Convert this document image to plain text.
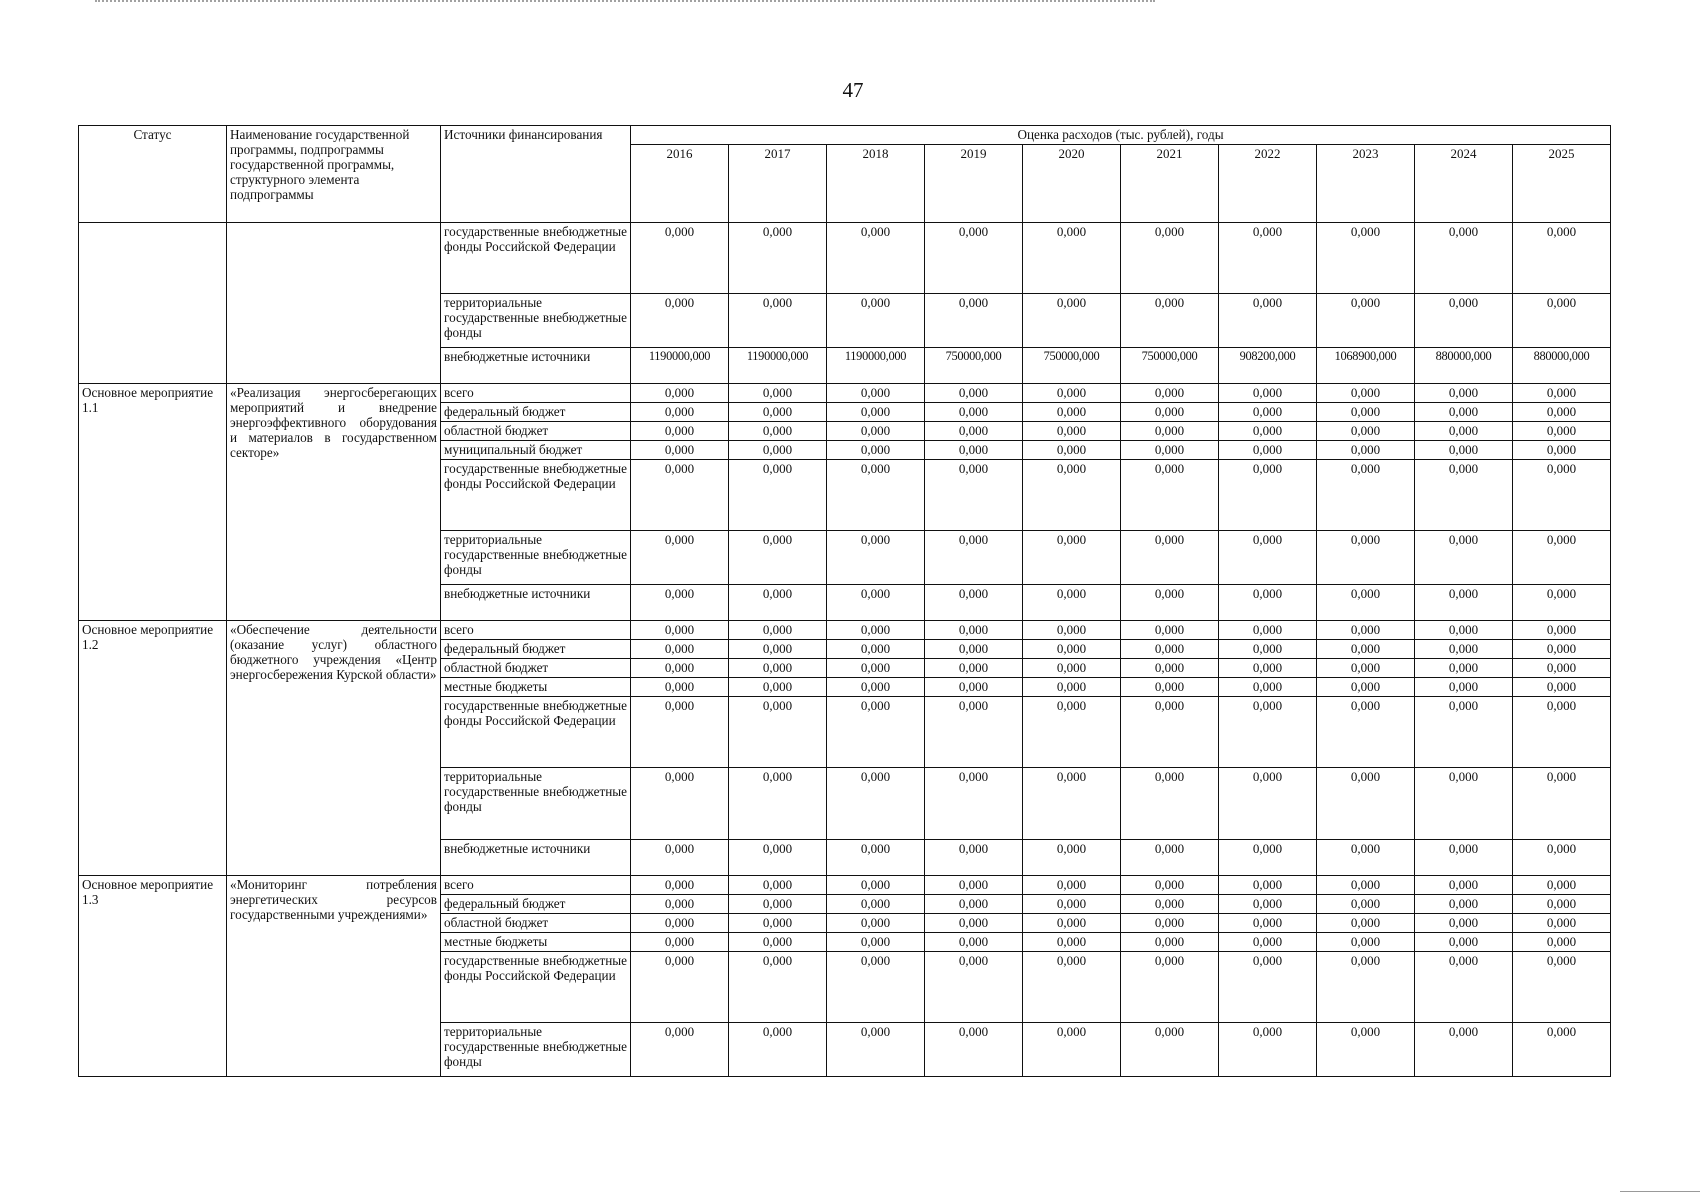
47
Статус	Наименование государственной программы, подпрограммы государственной программы, структурного элемента подпрограммы	Источники финансирования	Оценка расходов (тыс. рублей), годы									
			2016	2017	2018	2019	2020	2021	2022	2023	2024	2025
		государственные внебюджетные фонды Российской Федерации	0,000	0,000	0,000	0,000	0,000	0,000	0,000	0,000	0,000	0,000
		территориальные государственные внебюджетные фонды	0,000	0,000	0,000	0,000	0,000	0,000	0,000	0,000	0,000	0,000
		внебюджетные источники	1190000,000	1190000,000	1190000,000	750000,000	750000,000	750000,000	908200,000	1068900,000	880000,000	880000,000
Основное мероприятие 1.1	«Реализация энергосберегающих мероприятий и внедрение энергоэффективного оборудования и материалов в государственном секторе»	всего	0,000	0,000	0,000	0,000	0,000	0,000	0,000	0,000	0,000	0,000
		федеральный бюджет	0,000	0,000	0,000	0,000	0,000	0,000	0,000	0,000	0,000	0,000
		областной бюджет	0,000	0,000	0,000	0,000	0,000	0,000	0,000	0,000	0,000	0,000
		муниципальный бюджет	0,000	0,000	0,000	0,000	0,000	0,000	0,000	0,000	0,000	0,000
		государственные внебюджетные фонды Российской Федерации	0,000	0,000	0,000	0,000	0,000	0,000	0,000	0,000	0,000	0,000
		территориальные государственные внебюджетные фонды	0,000	0,000	0,000	0,000	0,000	0,000	0,000	0,000	0,000	0,000
		внебюджетные источники	0,000	0,000	0,000	0,000	0,000	0,000	0,000	0,000	0,000	0,000
Основное мероприятие 1.2	«Обеспечение деятельности (оказание услуг) областного бюджетного учреждения «Центр энергосбережения Курской области»	всего	0,000	0,000	0,000	0,000	0,000	0,000	0,000	0,000	0,000	0,000
		федеральный бюджет	0,000	0,000	0,000	0,000	0,000	0,000	0,000	0,000	0,000	0,000
		областной бюджет	0,000	0,000	0,000	0,000	0,000	0,000	0,000	0,000	0,000	0,000
		местные бюджеты	0,000	0,000	0,000	0,000	0,000	0,000	0,000	0,000	0,000	0,000
		государственные внебюджетные фонды Российской Федерации	0,000	0,000	0,000	0,000	0,000	0,000	0,000	0,000	0,000	0,000
		территориальные государственные внебюджетные фонды	0,000	0,000	0,000	0,000	0,000	0,000	0,000	0,000	0,000	0,000
		внебюджетные источники	0,000	0,000	0,000	0,000	0,000	0,000	0,000	0,000	0,000	0,000
Основное мероприятие 1.3	«Мониторинг потребления энергетических ресурсов государственными учреждениями»	всего	0,000	0,000	0,000	0,000	0,000	0,000	0,000	0,000	0,000	0,000
		федеральный бюджет	0,000	0,000	0,000	0,000	0,000	0,000	0,000	0,000	0,000	0,000
		областной бюджет	0,000	0,000	0,000	0,000	0,000	0,000	0,000	0,000	0,000	0,000
		местные бюджеты	0,000	0,000	0,000	0,000	0,000	0,000	0,000	0,000	0,000	0,000
		государственные внебюджетные фонды Российской Федерации	0,000	0,000	0,000	0,000	0,000	0,000	0,000	0,000	0,000	0,000
		территориальные государственные внебюджетные фонды	0,000	0,000	0,000	0,000	0,000	0,000	0,000	0,000	0,000	0,000
